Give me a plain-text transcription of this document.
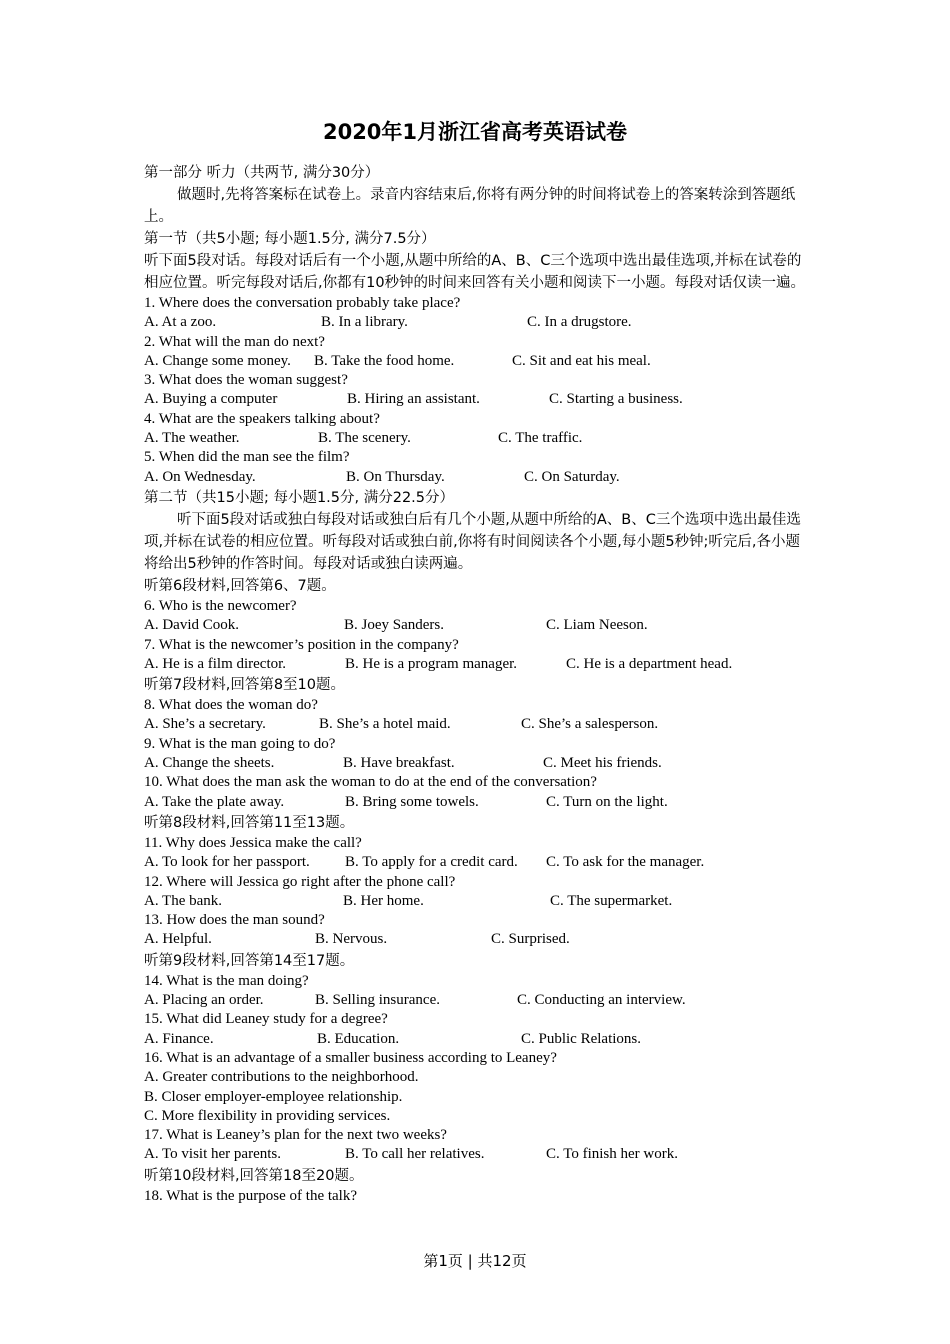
2020年1月浙江省高考英语试卷
第一部分 听力（共两节, 满分30分）
做题时,先将答案标在试卷上。录音内容结束后,你将有两分钟的时间将试卷上的答案转涂到答题纸上。
第一节（共5小题; 每小题1.5分, 满分7.5分）
听下面5段对话。每段对话后有一个小题,从题中所给的A、B、C三个选项中选出最佳选项,并标在试卷的相应位置。听完每段对话后,你都有10秒钟的时间来回答有关小题和阅读下一小题。每段对话仅读一遍。
1. Where does the conversation probably take place?
A. At a zoo.	B. In a library.	C. In a drugstore.
2. What will the man do next?
A. Change some money.	B. Take the food home.	C. Sit and eat his meal.
3. What does the woman suggest?
A. Buying a computer	B. Hiring an assistant.	C. Starting a business.
4. What are the speakers talking about?
A. The weather.	B. The scenery.	C. The traffic.
5. When did the man see the film?
A. On Wednesday.	B. On Thursday.	C. On Saturday.
第二节（共15小题; 每小题1.5分, 满分22.5分）
听下面5段对话或独白每段对话或独白后有几个小题,从题中所给的A、B、C三个选项中选出最佳选项,并标在试卷的相应位置。听每段对话或独白前,你将有时间阅读各个小题,每小题5秒钟;听完后,各小题将给出5秒钟的作答时间。每段对话或独白读两遍。
听第6段材料,回答第6、7题。
6. Who is the newcomer?
A. David Cook.	B. Joey Sanders.	C. Liam Neeson.
7. What is the newcomer’s position in the company?
A. He is a film director.	B. He is a program manager.	C. He is a department head.
听第7段材料,回答第8至10题。
8. What does the woman do?
A. She’s a secretary.	B. She’s a hotel maid.	C. She’s a salesperson.
9. What is the man going to do?
A. Change the sheets.	B. Have breakfast.	C. Meet his friends.
10. What does the man ask the woman to do at the end of the conversation?
A. Take the plate away.	B. Bring some towels.	C. Turn on the light.
听第8段材料,回答第11至13题。
11. Why does Jessica make the call?
A. To look for her passport.	B. To apply for a credit card.	C. To ask for the manager.
12. Where will Jessica go right after the phone call?
A. The bank.	B. Her home.	C. The supermarket.
13. How does the man sound?
A. Helpful.	B. Nervous.	C. Surprised.
听第9段材料,回答第14至17题。
14. What is the man doing?
A. Placing an order.	B. Selling insurance.	C. Conducting an interview.
15. What did Leaney study for a degree?
A. Finance.	B. Education.	C. Public Relations.
16. What is an advantage of a smaller business according to Leaney?
A. Greater contributions to the neighborhood.
B. Closer employer-employee relationship.
C. More flexibility in providing services.
17. What is Leaney’s plan for the next two weeks?
A. To visit her parents.	B. To call her relatives.	C. To finish her work.
听第10段材料,回答第18至20题。
18. What is the purpose of the talk?
第1页 | 共12页
